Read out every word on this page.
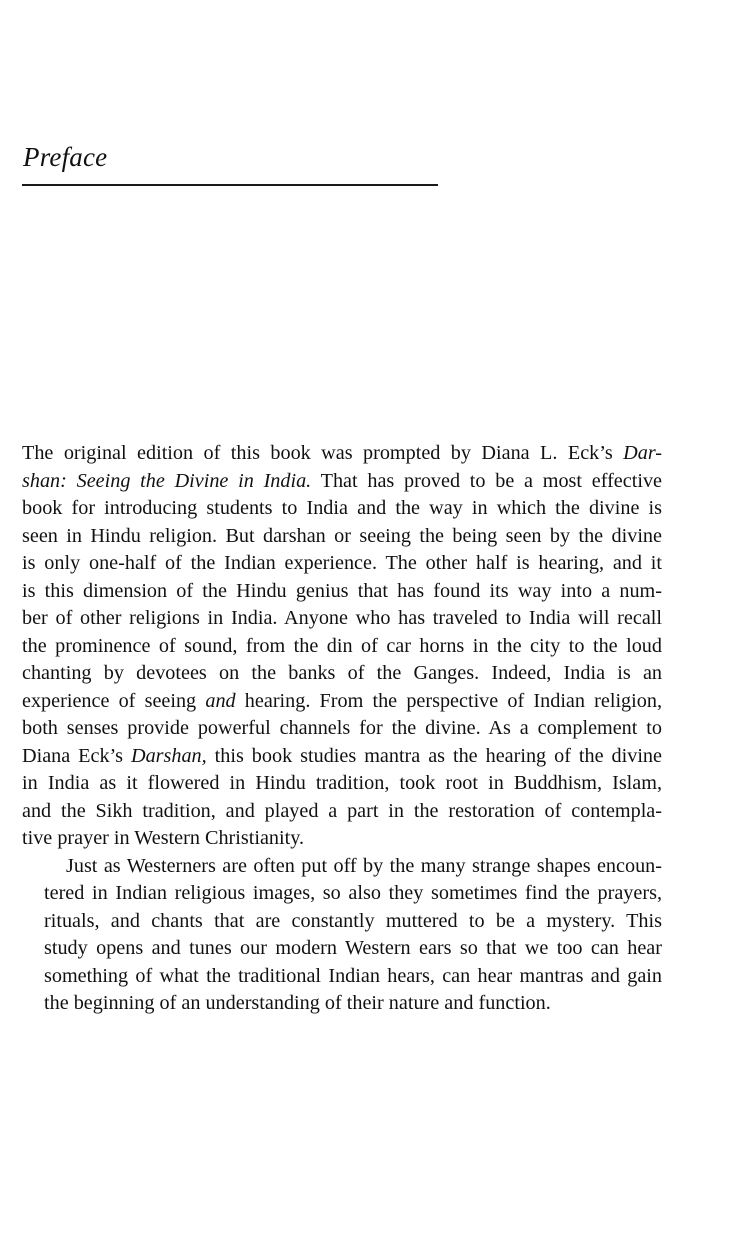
Preface

The original edition of this book was prompted by Diana L. Eck’s Dar-
shan: Seeing the Divine in India. That has proved to be a most effective
book for introducing students to India and the way in which the divine is
seen in Hindu religion. But darshan or seeing the being seen by the divine
is only one-half of the Indian experience. The other half is hearing, and it
is this dimension of the Hindu genius that has found its way into a num-
ber of other religions in India. Anyone who has traveled to India will recall
the prominence of sound, from the din of car horns in the city to the loud
chanting by devotees on the banks of the Ganges. Indeed, India is an
experience of seeing and hearing. From the perspective of Indian religion,
both senses provide powerful channels for the divine. As a complement to
Diana Eck’s Darshan, this book studies mantra as the hearing of the divine
in India as it flowered in Hindu tradition, took root in Buddhism, Islam,
and the Sikh tradition, and played a part in the restoration of contempla-
tive prayer in Western Christianity.

Just as Westerners are often put off by the many strange shapes encoun-
tered in Indian religious images, so also they sometimes find the prayers,
rituals, and chants that are constantly muttered to be a mystery. This
study opens and tunes our modern Western ears so that we too can hear
something of what the traditional Indian hears, can hear mantras and gain
the beginning of an understanding of their nature and function.
